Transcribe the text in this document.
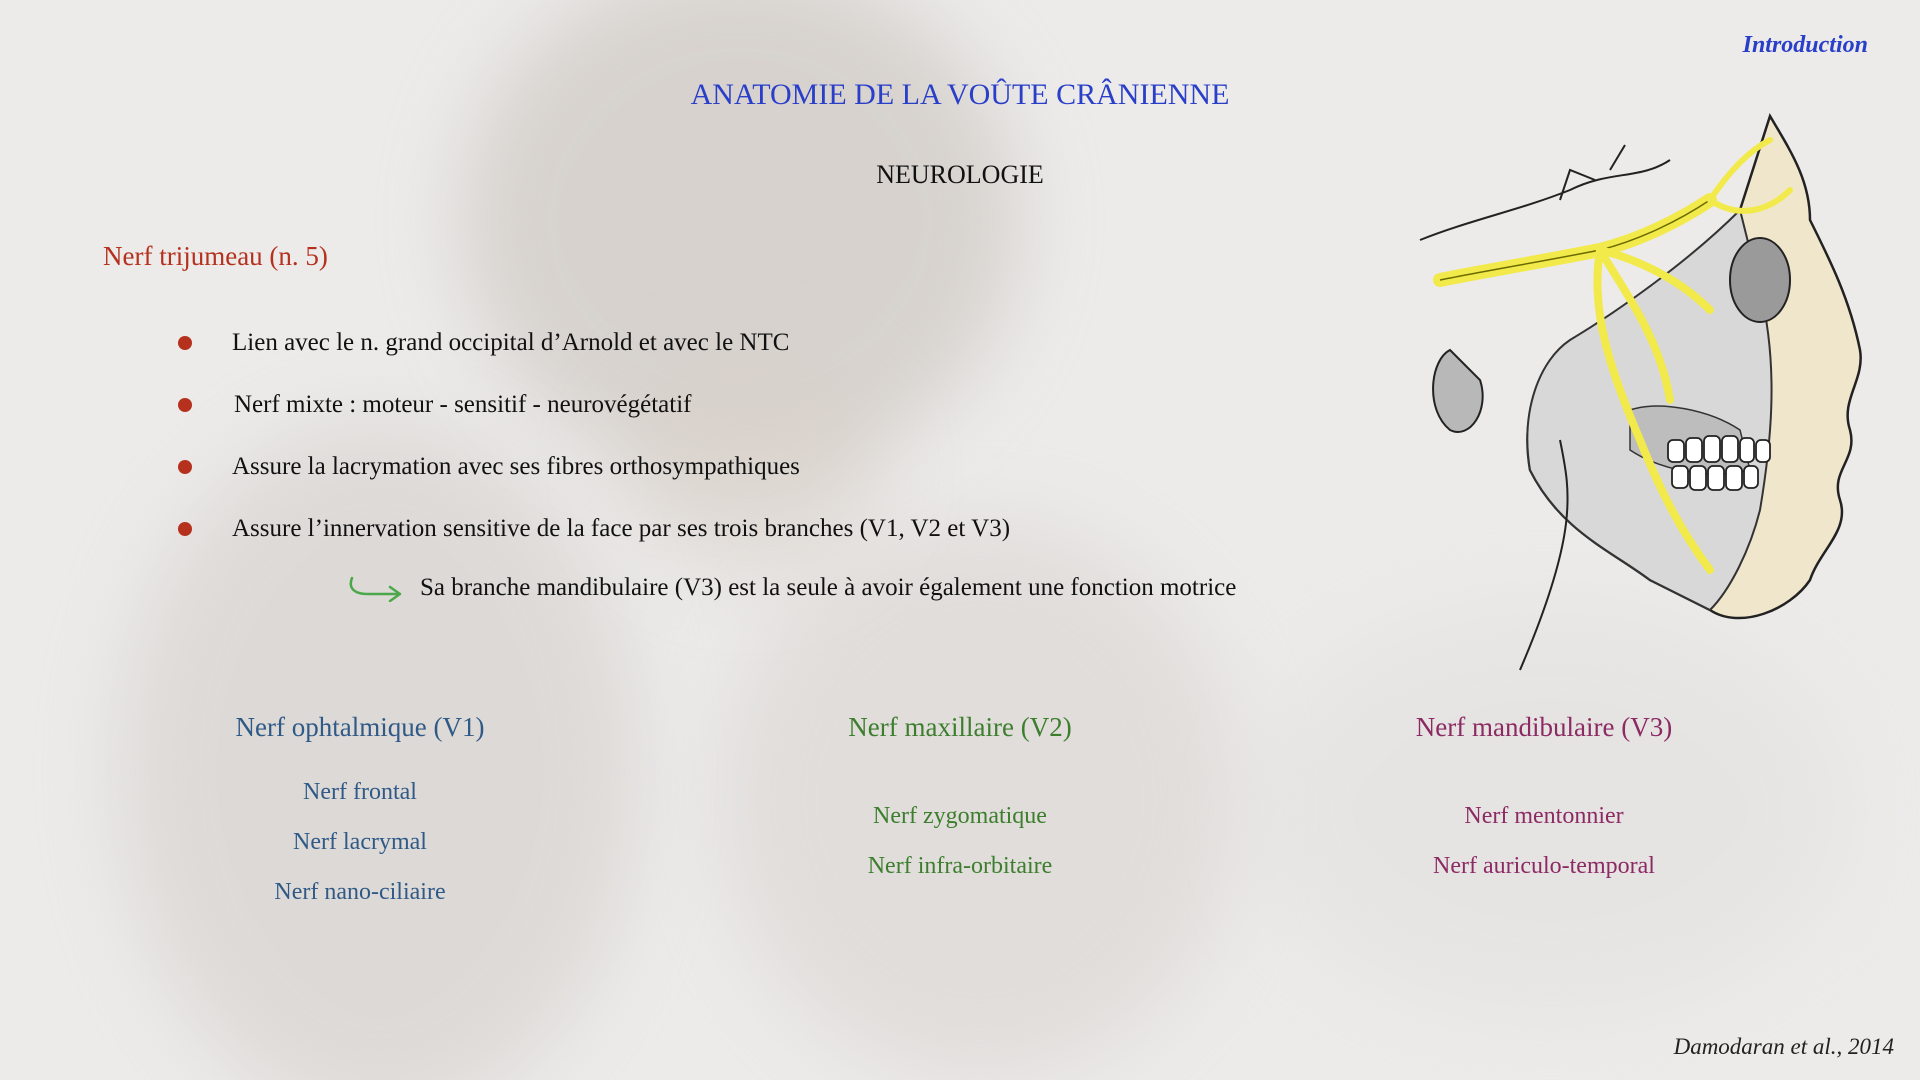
Introduction
ANATOMIE DE LA VOÛTE CRÂNIENNE
NEUROLOGIE
Nerf trijumeau (n. 5)
Lien avec le n. grand occipital d’Arnold et avec le NTC
Nerf mixte : moteur - sensitif - neurovégétatif
Assure la lacrymation avec ses fibres orthosympathiques
Assure l’innervation sensitive de la face par ses trois branches (V1, V2 et V3)
Sa branche mandibulaire (V3) est la seule à avoir également une fonction motrice
Nerf ophtalmique (V1)
Nerf frontal
Nerf lacrymal
Nerf nano-ciliaire
Nerf maxillaire (V2)
Nerf zygomatique
Nerf infra-orbitaire
Nerf mandibulaire (V3)
Nerf mentonnier
Nerf auriculo-temporal
Damodaran et al., 2014
